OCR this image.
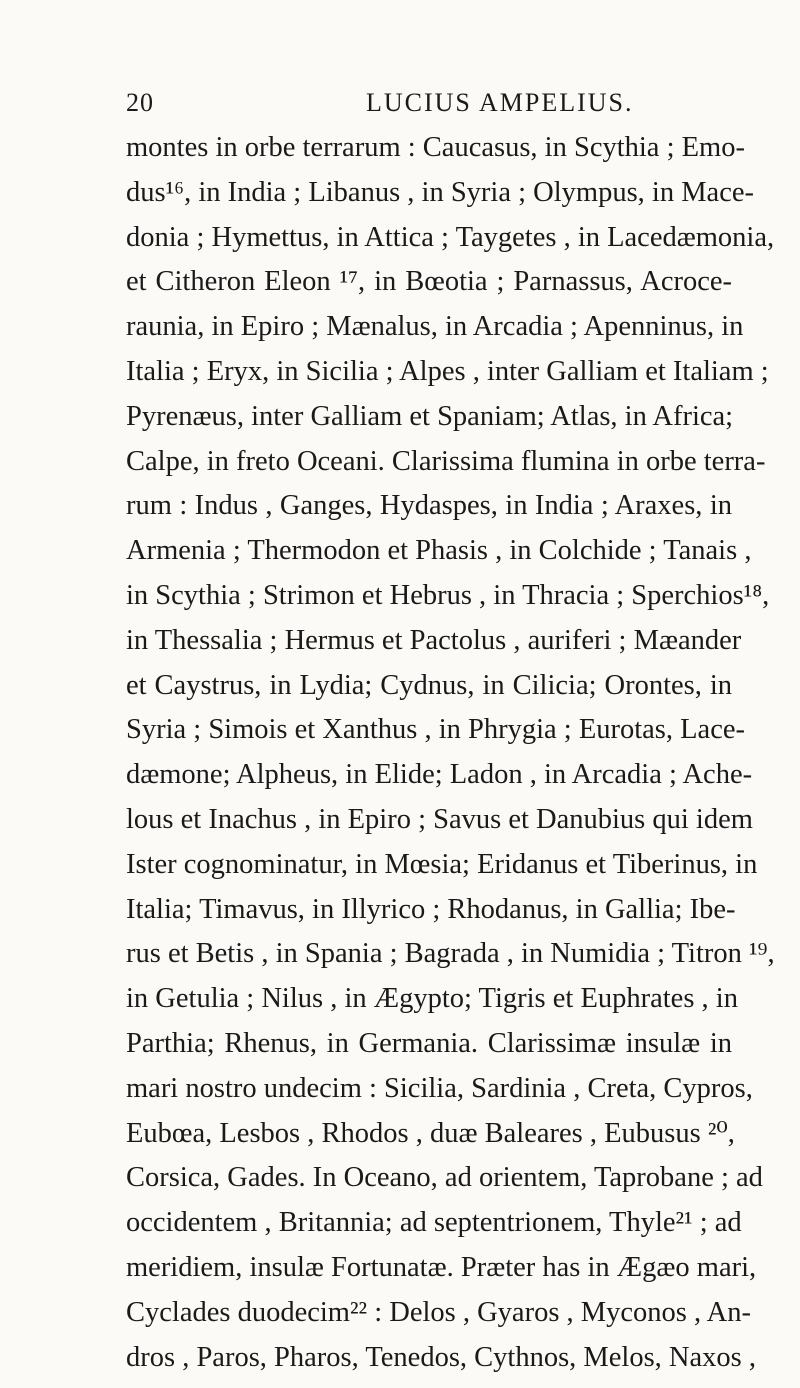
20	LUCIUS AMPELIUS.
montes in orbe terrarum : Caucasus, in Scythia ; Emo-
dus¹⁶, in India ; Libanus , in Syria ; Olympus, in Mace-
donia ; Hymettus, in Attica ; Taygetes , in Lacedæmonia,
et Citheron Eleon ¹⁷, in Bœotia ; Parnassus, Acroce-
raunia, in Epiro ; Mænalus, in Arcadia ; Apenninus, in
Italia ; Eryx, in Sicilia ; Alpes , inter Galliam et Italiam ;
Pyrenæus, inter Galliam et Spaniam; Atlas, in Africa;
Calpe, in freto Oceani. Clarissima flumina in orbe terra-
rum : Indus , Ganges, Hydaspes, in India ; Araxes, in
Armenia ; Thermodon et Phasis , in Colchide ; Tanais ,
in Scythia ; Strimon et Hebrus , in Thracia ; Sperchios¹⁸,
in Thessalia ; Hermus et Pactolus , auriferi ; Mæander
et Caystrus, in Lydia; Cydnus, in Cilicia; Orontes, in
Syria ; Simois et Xanthus , in Phrygia ; Eurotas, Lace-
dæmone; Alpheus, in Elide; Ladon , in Arcadia ; Ache-
lous et Inachus , in Epiro ; Savus et Danubius qui idem
Ister cognominatur, in Mœsia; Eridanus et Tiberinus, in
Italia; Timavus, in Illyrico ; Rhodanus, in Gallia; Ibe-
rus et Betis , in Spania ; Bagrada , in Numidia ; Titron ¹⁹,
in Getulia ; Nilus , in Ægypto; Tigris et Euphrates , in
Parthia; Rhenus, in Germania. Clarissimæ insulæ in
mari nostro undecim : Sicilia, Sardinia , Creta, Cypros,
Eubœa, Lesbos , Rhodos , duæ Baleares , Eubusus ²⁰,
Corsica, Gades. In Oceano, ad orientem, Taprobane ; ad
occidentem , Britannia; ad septentrionem, Thyle²¹ ; ad
meridiem, insulæ Fortunatæ. Præter has in Ægæo mari,
Cyclades duodecim²² : Delos , Gyaros , Myconos , An-
dros , Paros, Pharos, Tenedos, Cythnos, Melos, Naxos ,
